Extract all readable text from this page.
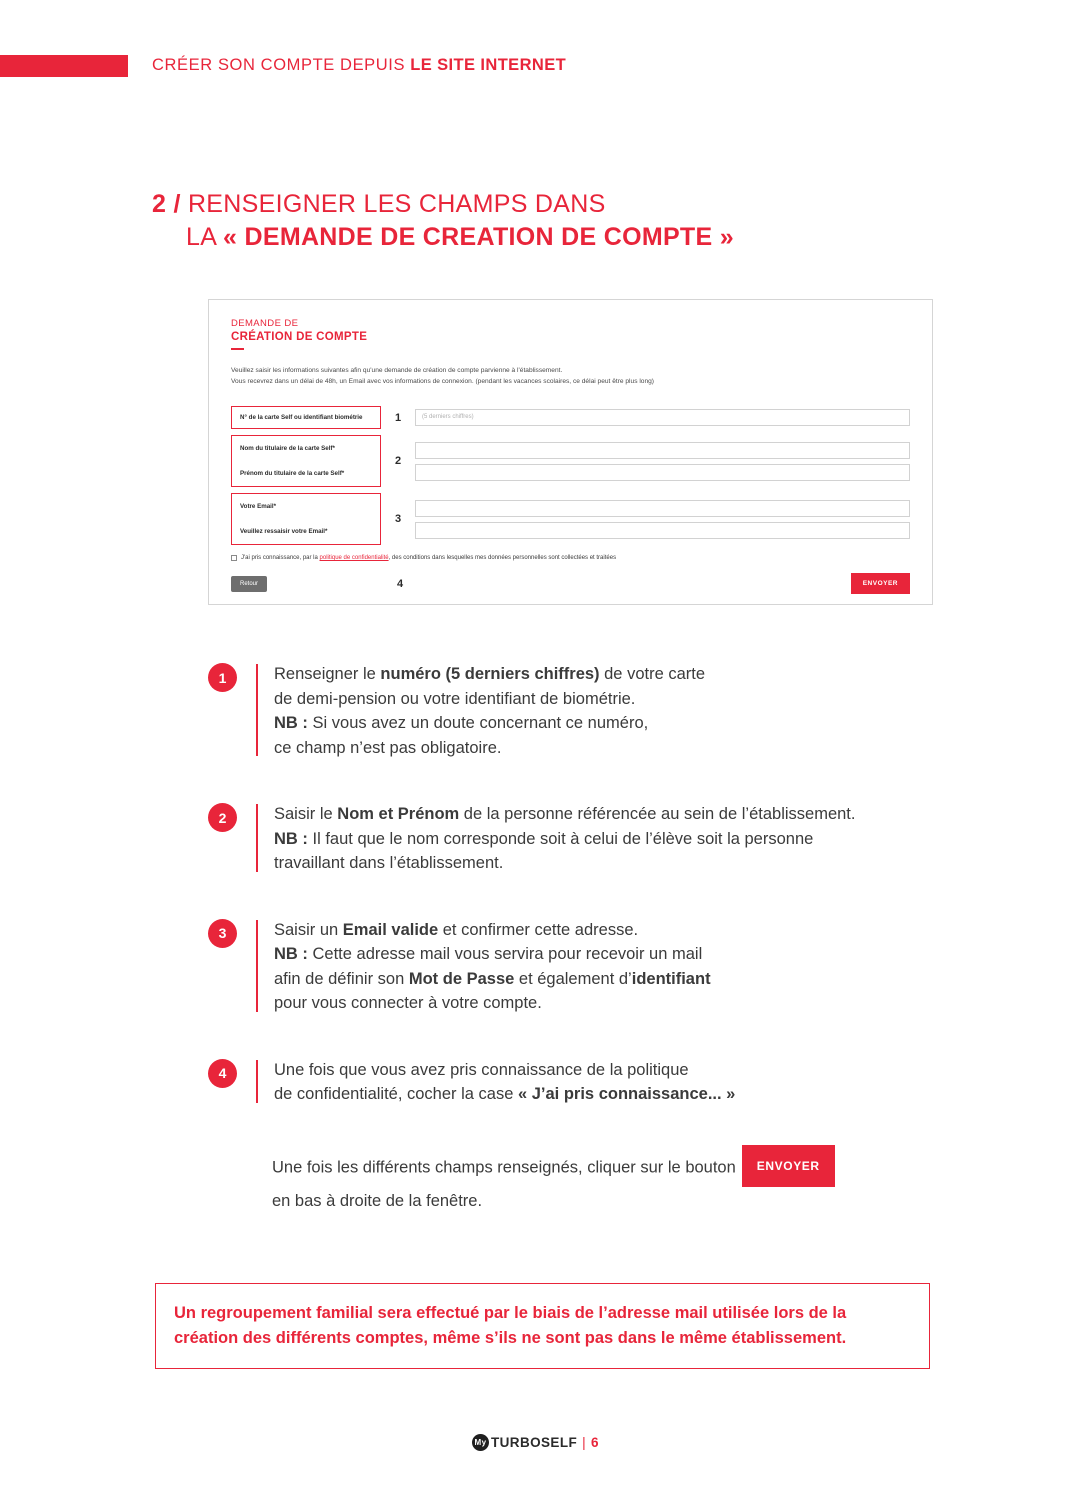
CRÉER SON COMPTE DEPUIS LE SITE INTERNET
2 / RENSEIGNER LES CHAMPS DANS
LA « DEMANDE DE CREATION DE COMPTE »
DEMANDE DE
CRÉATION DE COMPTE
Veuillez saisir les informations suivantes afin qu'une demande de création de compte parvienne à l'établissement.
Vous recevrez dans un délai de 48h, un Email avec vos informations de connexion. (pendant les vacances scolaires, ce délai peut être plus long)
N° de la carte Self ou identifiant biométrie	1	(5 derniers chiffres)
Nom du titulaire de la carte Self*
Prénom du titulaire de la carte Self*
2
Votre Email*
Veuillez ressaisir votre Email*
3
J'ai pris connaissance, par la politique de confidentialité, des conditions dans lesquelles mes données personnelles sont collectées et traitées
Retour	4	ENVOYER
1	Renseigner le numéro (5 derniers chiffres) de votre carte
de demi-pension ou votre identifiant de biométrie.
NB : Si vous avez un doute concernant ce numéro,
ce champ n’est pas obligatoire.
2	Saisir le Nom et Prénom de la personne référencée au sein de l’établissement.
NB : Il faut que le nom corresponde soit à celui de l’élève soit la personne
travaillant dans l’établissement.
3	Saisir un Email valide et confirmer cette adresse.
NB : Cette adresse mail vous servira pour recevoir un mail
afin de définir son Mot de Passe et également d’identifiant
pour vous connecter à votre compte.
4	Une fois que vous avez pris connaissance de la politique
de confidentialité, cocher la case « J’ai pris connaissance... »
Une fois les différents champs renseignés, cliquer sur le bouton ENVOYER
en bas à droite de la fenêtre.

Un regroupement familial sera effectué par le biais de l’adresse mail utilisée lors de la
création des différents comptes, même s’ils ne sont pas dans le même établissement.

My TURBOSELF | 6
